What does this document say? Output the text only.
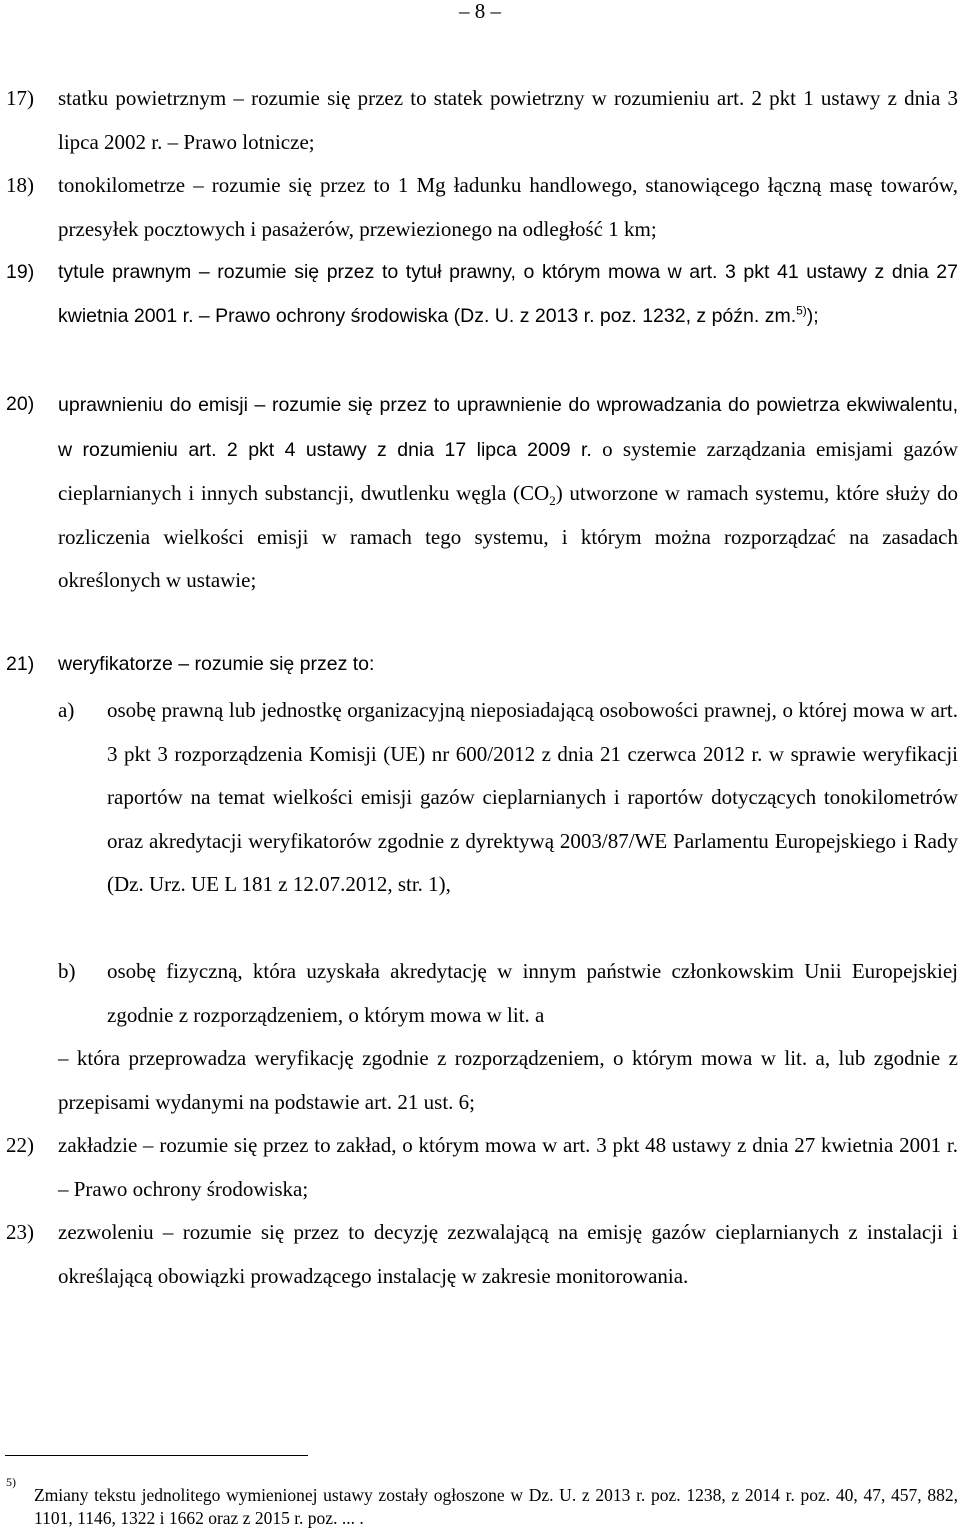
– 8 –
17) statku powietrznym – rozumie się przez to statek powietrzny w rozumieniu art. 2 pkt 1 ustawy z dnia 3 lipca 2002 r. – Prawo lotnicze;
18) tonokilometrze – rozumie się przez to 1 Mg ładunku handlowego, stanowiącego łączną masę towarów, przesyłek pocztowych i pasażerów, przewiezionego na odległość 1 km;
19) tytule prawnym – rozumie się przez to tytuł prawny, o którym mowa w art. 3 pkt 41 ustawy z dnia 27 kwietnia 2001 r. – Prawo ochrony środowiska (Dz. U. z 2013 r. poz. 1232, z późn. zm.$^{5)}$);
20) uprawnieniu do emisji – rozumie się przez to uprawnienie do wprowadzania do powietrza ekwiwalentu, w rozumieniu art. 2 pkt 4 ustawy z dnia 17 lipca 2009 r. o systemie zarządzania emisjami gazów cieplarnianych i innych substancji, dwutlenku węgla $(CO_2)$ utworzone w ramach systemu, które służy do rozliczenia wielkości emisji w ramach tego systemu, i którym można rozporządzać na zasadach określonych w ustawie;
21) weryfikatorze – rozumie się przez to:
a) osobę prawną lub jednostkę organizacyjną nieposiadającą osobowości prawnej, o której mowa w art. 3 pkt 3 rozporządzenia Komisji (UE) nr 600/2012 z dnia 21 czerwca 2012 r. w sprawie weryfikacji raportów na temat wielkości emisji gazów cieplarnianych i raportów dotyczących tonokilometrów oraz akredytacji weryfikatorów zgodnie z dyrektywą 2003/87/WE Parlamentu Europejskiego i Rady (Dz. Urz. UE L 181 z 12.07.2012, str. 1),
b) osobę fizyczną, która uzyskała akredytację w innym państwie członkowskim Unii Europejskiej zgodnie z rozporządzeniem, o którym mowa w lit. a
– która przeprowadza weryfikację zgodnie z rozporządzeniem, o którym mowa w lit. a, lub zgodnie z przepisami wydanymi na podstawie art. 21 ust. 6;
22) zakładzie – rozumie się przez to zakład, o którym mowa w art. 3 pkt 48 ustawy z dnia 27 kwietnia 2001 r. – Prawo ochrony środowiska;
23) zezwoleniu – rozumie się przez to decyzję zezwalającą na emisję gazów cieplarnianych z instalacji i określającą obowiązki prowadzącego instalację w zakresie monitorowania.
5)
Zmiany tekstu jednolitego wymienionej ustawy zostały ogłoszone w Dz. U. z 2013 r. poz. 1238, z 2014 r. poz. 40, 47, 457, 882, 1101, 1146, 1322 i 1662 oraz z 2015 r. poz. ... .
